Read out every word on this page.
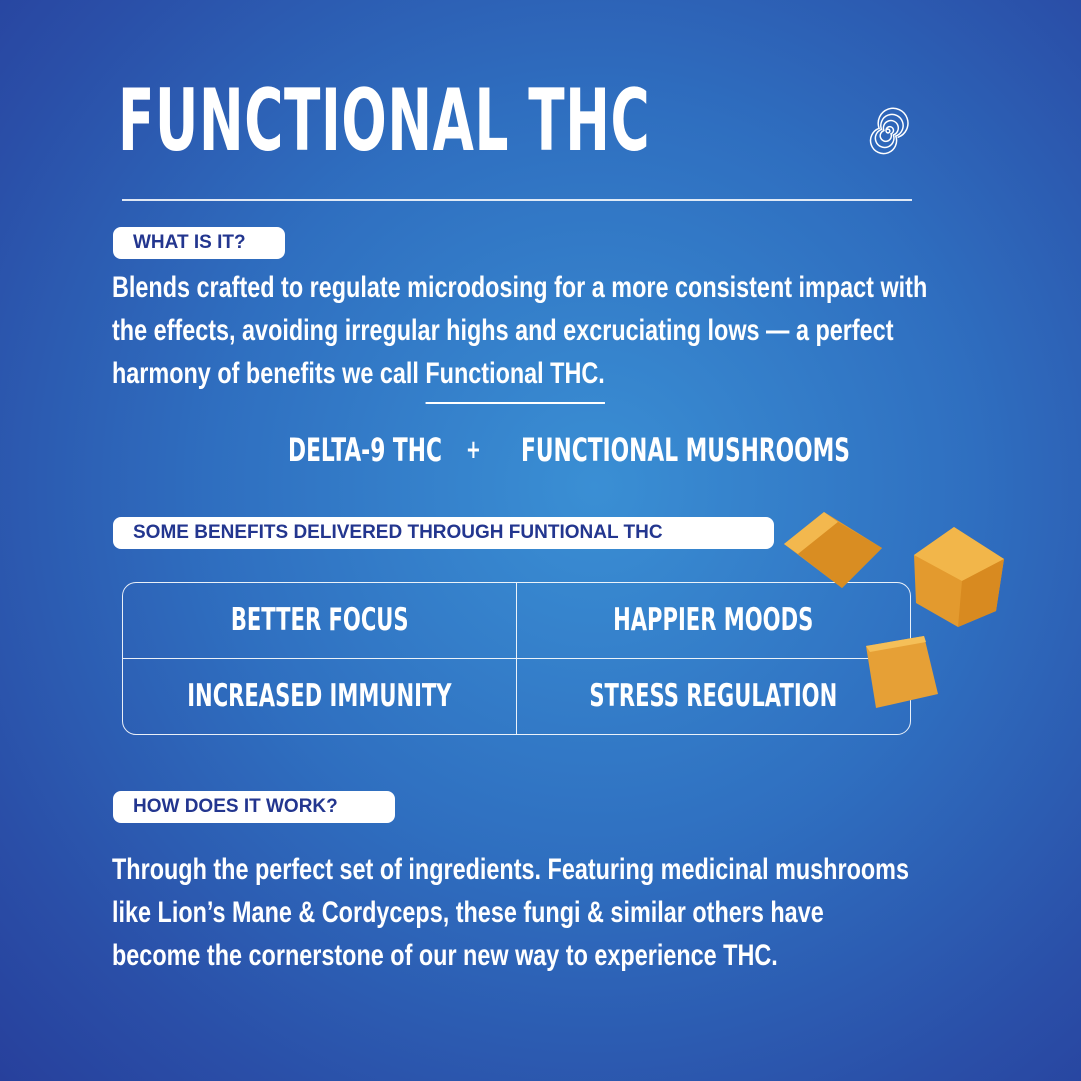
FUNCTIONAL THC
WHAT IS IT?
Blends crafted to regulate microdosing for a more consistent impact with
the effects, avoiding irregular highs and excruciating lows — a perfect
harmony of benefits we call Functional THC.
DELTA-9 THC + FUNCTIONAL MUSHROOMS
SOME BENEFITS DELIVERED THROUGH FUNTIONAL THC
BETTER FOCUS	HAPPIER MOODS
INCREASED IMMUNITY	STRESS REGULATION
HOW DOES IT WORK?
Through the perfect set of ingredients. Featuring medicinal mushrooms
like Lion’s Mane & Cordyceps, these fungi & similar others have
become the cornerstone of our new way to experience THC.
